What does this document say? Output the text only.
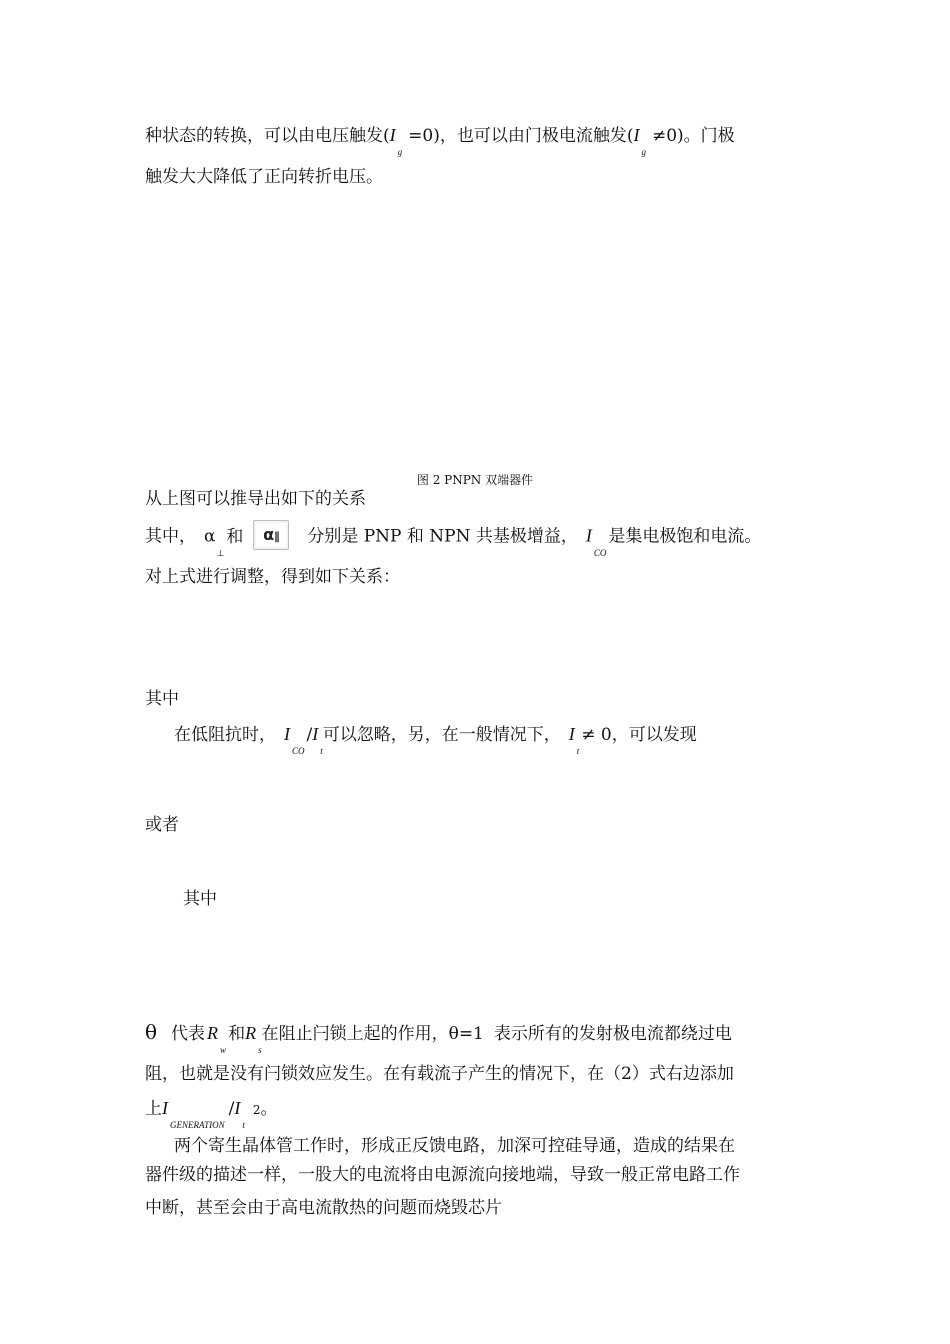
种状态的转换，可以由电压触发$(I_g=0)$，也可以由门极电流触发$(I_g\ne 0)$。门极
触发大大降低了正向转折电压。
图 2 PNPN 双端器件
从上图可以推导出如下的关系
其中， $\alpha_\perp$和 α∥ 分别是 PNP 和 NPN 共基极增益， $I_{CO}$是集电极饱和电流。
对上式进行调整，得到如下关系：
其中
在低阻抗时， $I_{CO}/I_t$可以忽略，另，在一般情况下， $I_t\ne 0$，可以发现
或者
其中
θ 代表 $R_w$和$R_s$在阻止闩锁上起的作用，θ=1 表示所有的发射极电流都绕过电
阻，也就是没有闩锁效应发生。在有载流子产生的情况下，在（2）式右边添加
上$I_{GENERATION}/I_t2$。
两个寄生晶体管工作时，形成正反馈电路，加深可控硅导通，造成的结果在
器件级的描述一样，一股大的电流将由电源流向接地端，导致一般正常电路工作
中断，甚至会由于高电流散热的问题而烧毁芯片
